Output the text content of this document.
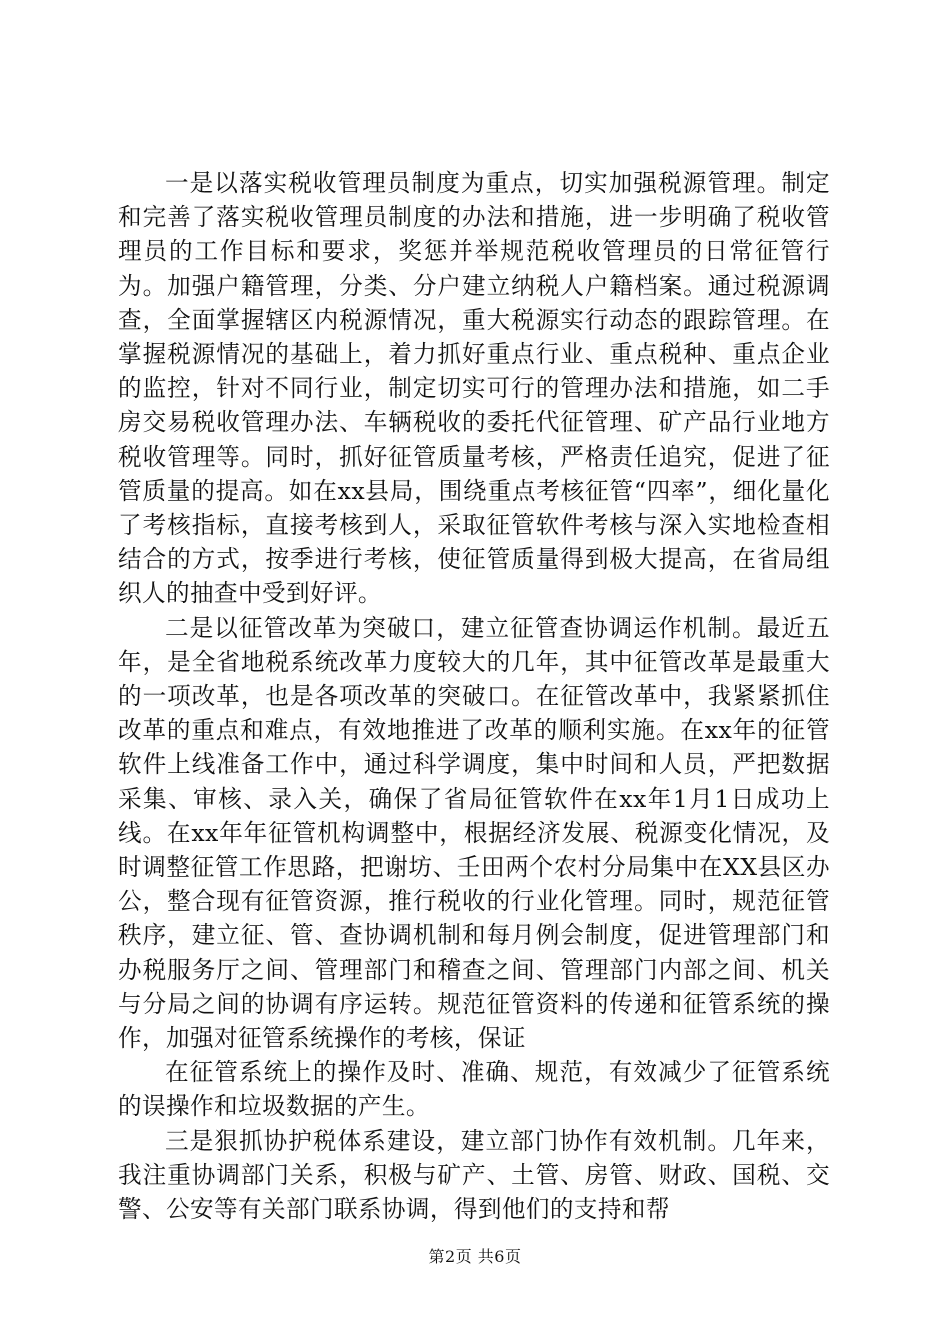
一是以落实税收管理员制度为重点，切实加强税源管理。制定和完善了落实税收管理员制度的办法和措施，进一步明确了税收管理员的工作目标和要求，奖惩并举规范税收管理员的日常征管行为。加强户籍管理，分类、分户建立纳税人户籍档案。通过税源调查，全面掌握辖区内税源情况，重大税源实行动态的跟踪管理。在掌握税源情况的基础上，着力抓好重点行业、重点税种、重点企业的监控，针对不同行业，制定切实可行的管理办法和措施，如二手房交易税收管理办法、车辆税收的委托代征管理、矿产品行业地方税收管理等。同时，抓好征管质量考核，严格责任追究，促进了征管质量的提高。如在xx县局，围绕重点考核征管“四率”，细化量化了考核指标，直接考核到人，采取征管软件考核与深入实地检查相结合的方式，按季进行考核，使征管质量得到极大提高，在省局组织人的抽查中受到好评。

二是以征管改革为突破口，建立征管查协调运作机制。最近五年，是全省地税系统改革力度较大的几年，其中征管改革是最重大的一项改革，也是各项改革的突破口。在征管改革中，我紧紧抓住改革的重点和难点，有效地推进了改革的顺利实施。在xx年的征管软件上线准备工作中，通过科学调度，集中时间和人员，严把数据采集、审核、录入关，确保了省局征管软件在xx年1月1日成功上线。在xx年年征管机构调整中，根据经济发展、税源变化情况，及时调整征管工作思路，把谢坊、壬田两个农村分局集中在XX县区办公，整合现有征管资源，推行税收的行业化管理。同时，规范征管秩序，建立征、管、查协调机制和每月例会制度，促进管理部门和办税服务厅之间、管理部门和稽查之间、管理部门内部之间、机关与分局之间的协调有序运转。规范征管资料的传递和征管系统的操作，加强对征管系统操作的考核，保证

在征管系统上的操作及时、准确、规范，有效减少了征管系统的误操作和垃圾数据的产生。

三是狠抓协护税体系建设，建立部门协作有效机制。几年来，我注重协调部门关系，积极与矿产、土管、房管、财政、国税、交警、公安等有关部门联系协调，得到他们的支持和帮

第2页 共6页
